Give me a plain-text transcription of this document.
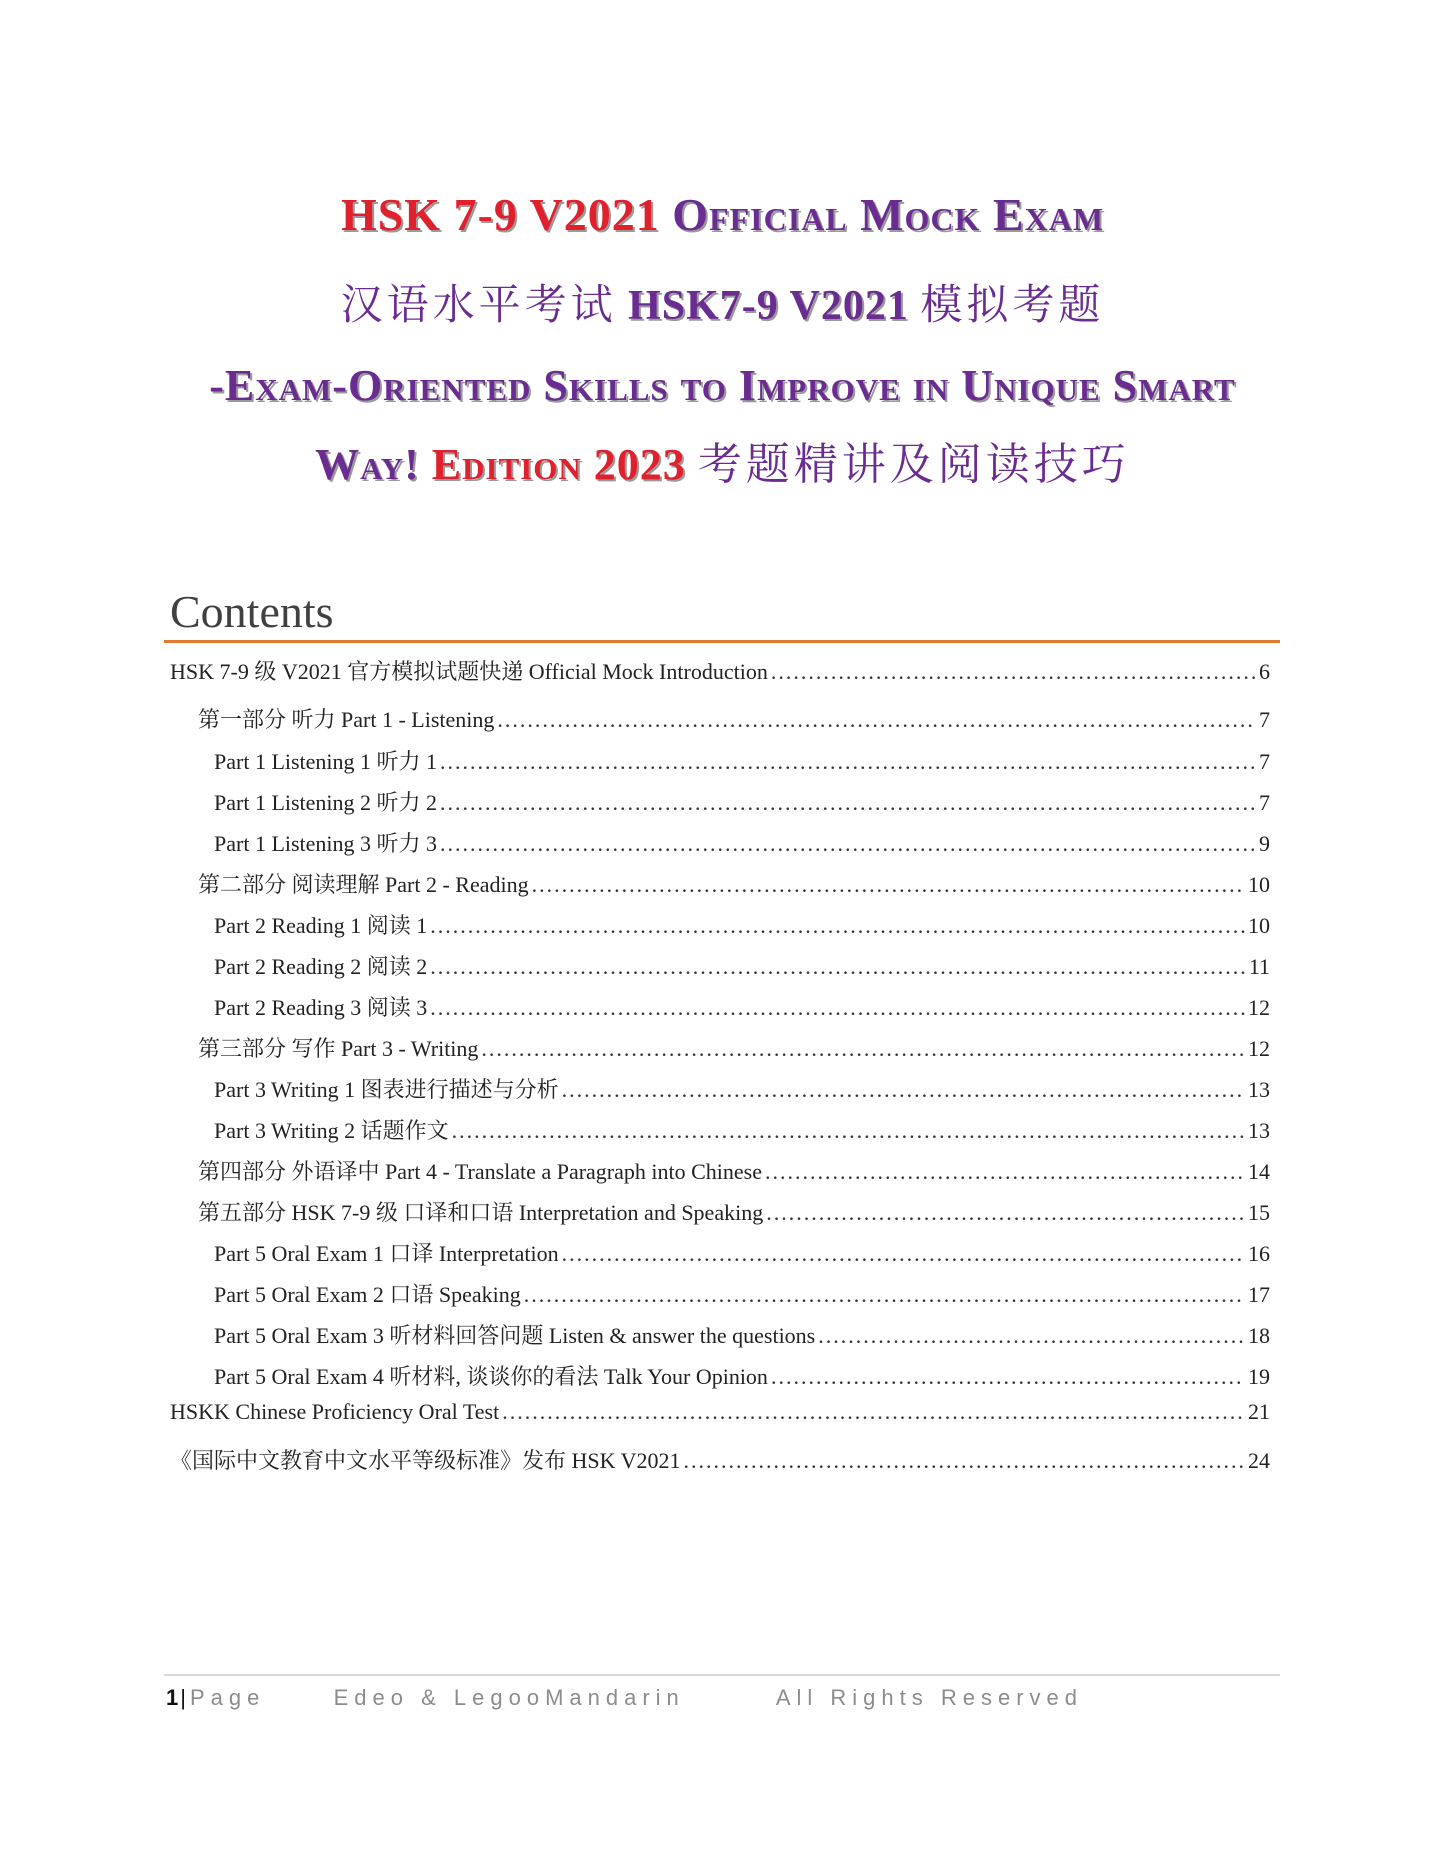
HSK 7-9 V2021 Official Mock Exam
汉语水平考试 HSK7-9 V2021 模拟考题
-Exam-Oriented Skills to Improve in Unique Smart
Way! Edition 2023 考题精讲及阅读技巧
Contents
HSK 7-9 级 V2021 官方模拟试题快递 Official Mock Introduction .....	6
第一部分 听力 Part 1 - Listening .....	7
Part 1 Listening 1 听力 1 .....	7
Part 1 Listening 2 听力 2 .....	7
Part 1 Listening 3 听力 3 .....	9
第二部分 阅读理解 Part 2 - Reading .....	10
Part 2 Reading 1 阅读 1 .....	10
Part 2 Reading 2 阅读 2 .....	11
Part 2 Reading 3 阅读 3 .....	12
第三部分 写作 Part 3 - Writing .....	12
Part 3 Writing 1 图表进行描述与分析 .....	13
Part 3 Writing 2 话题作文 .....	13
第四部分 外语译中 Part 4 - Translate a Paragraph into Chinese .....	14
第五部分 HSK 7-9 级 口译和口语 Interpretation and Speaking .....	15
Part 5 Oral Exam 1 口译 Interpretation .....	16
Part 5 Oral Exam 2 口语 Speaking .....	17
Part 5 Oral Exam 3 听材料回答问题 Listen & answer the questions .....	18
Part 5 Oral Exam 4 听材料, 谈谈你的看法 Talk Your Opinion .....	19
HSKK Chinese Proficiency Oral Test .....	21
《国际中文教育中文水平等级标准》发布 HSK V2021 .....	24
1| Page	Edeo & LegooMandarin	All Rights Reserved
